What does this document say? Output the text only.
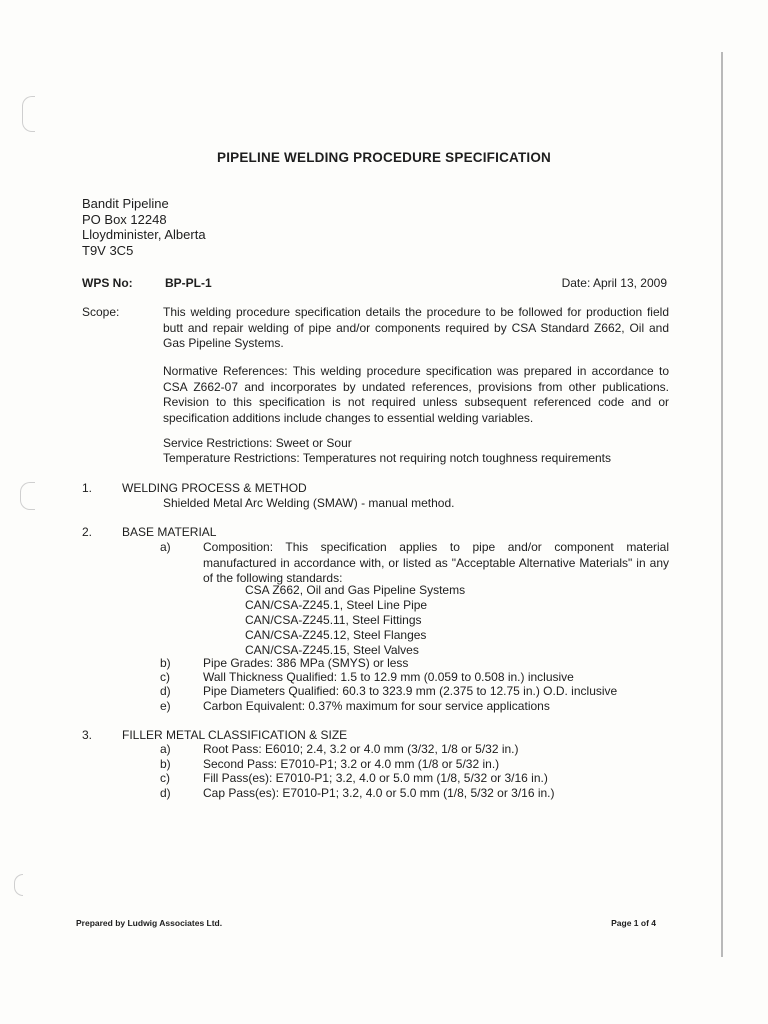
PIPELINE WELDING PROCEDURE SPECIFICATION
Bandit Pipeline
PO Box 12248
Lloydminister, Alberta
T9V 3C5
WPS No:	BP-PL-1	Date: April 13, 2009
Scope:	This welding procedure specification details the procedure to be followed for production field butt and repair welding of pipe and/or components required by CSA Standard Z662, Oil and Gas Pipeline Systems.
Normative References: This welding procedure specification was prepared in accordance to CSA Z662-07 and incorporates by undated references, provisions from other publications. Revision to this specification is not required unless subsequent referenced code and or specification additions include changes to essential welding variables.
Service Restrictions: Sweet or Sour
Temperature Restrictions: Temperatures not requiring notch toughness requirements
1. WELDING PROCESS & METHOD
Shielded Metal Arc Welding (SMAW) - manual method.
2. BASE MATERIAL
a)	Composition: This specification applies to pipe and/or component material manufactured in accordance with, or listed as "Acceptable Alternative Materials" in any of the following standards:
CSA Z662, Oil and Gas Pipeline Systems
CAN/CSA-Z245.1, Steel Line Pipe
CAN/CSA-Z245.11, Steel Fittings
CAN/CSA-Z245.12, Steel Flanges
CAN/CSA-Z245.15, Steel Valves
b)	Pipe Grades: 386 MPa (SMYS) or less
c)	Wall Thickness Qualified: 1.5 to 12.9 mm (0.059 to 0.508 in.) inclusive
d)	Pipe Diameters Qualified: 60.3 to 323.9 mm (2.375 to 12.75 in.) O.D. inclusive
e)	Carbon Equivalent: 0.37% maximum for sour service applications
3. FILLER METAL CLASSIFICATION & SIZE
a)	Root Pass: E6010; 2.4, 3.2 or 4.0 mm (3/32, 1/8 or 5/32 in.)
b)	Second Pass: E7010-P1; 3.2 or 4.0 mm (1/8 or 5/32 in.)
c)	Fill Pass(es): E7010-P1; 3.2, 4.0 or 5.0 mm (1/8, 5/32 or 3/16 in.)
d)	Cap Pass(es): E7010-P1; 3.2, 4.0 or 5.0 mm (1/8, 5/32 or 3/16 in.)
Prepared by Ludwig Associates Ltd.	Page 1 of 4
